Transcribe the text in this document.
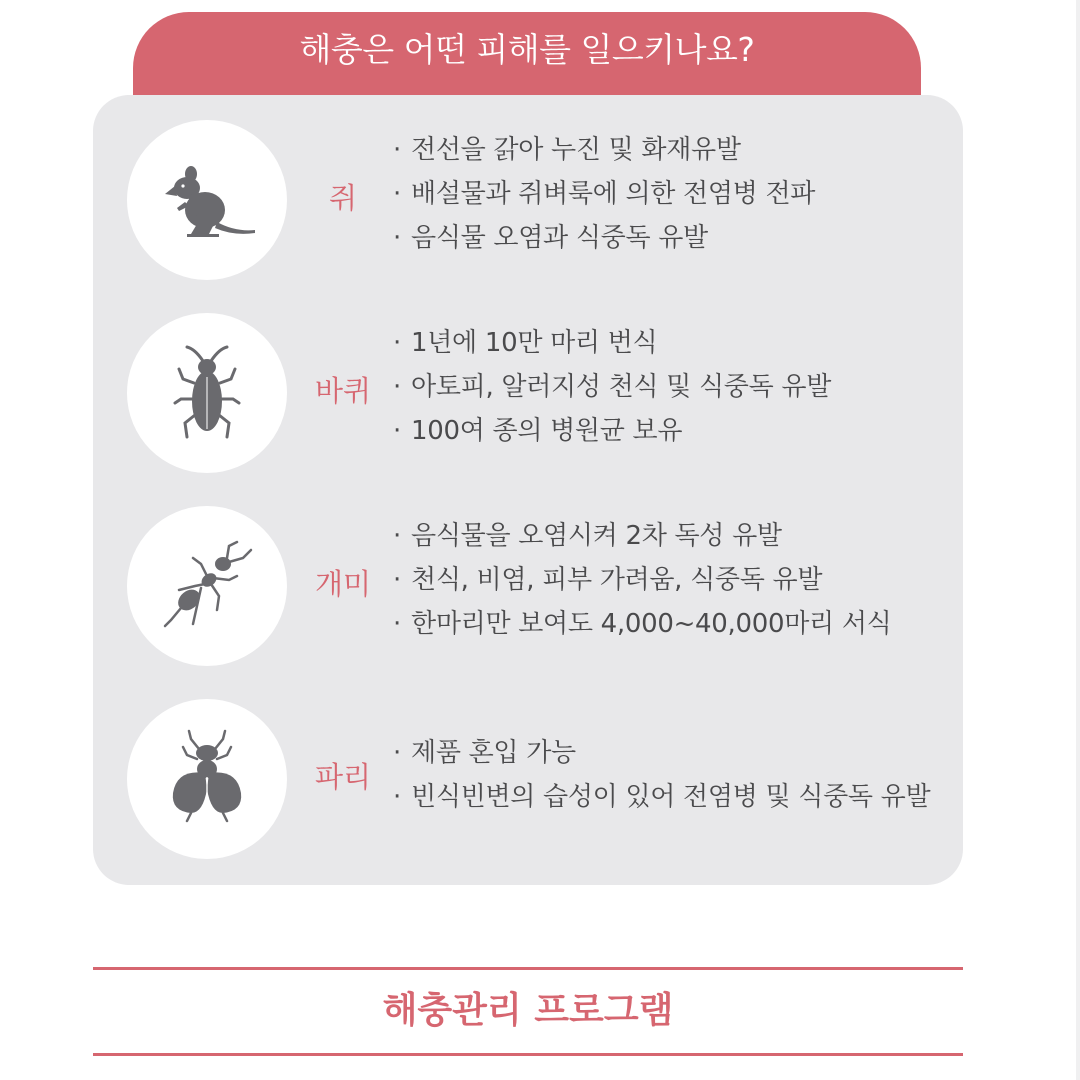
해충은 어떤 피해를 일으키나요?
쥐
· 전선을 갉아 누진 및 화재유발
· 배설물과 쥐벼룩에 의한 전염병 전파
· 음식물 오염과 식중독 유발
바퀴
· 1년에 10만 마리 번식
· 아토피, 알러지성 천식 및 식중독 유발
· 100여 종의 병원균 보유
개미
· 음식물을 오염시켜 2차 독성 유발
· 천식, 비염, 피부 가려움, 식중독 유발
· 한마리만 보여도 4,000~40,000마리 서식
파리
· 제품 혼입 가능
· 빈식빈변의 습성이 있어 전염병 및 식중독 유발
해충관리 프로그램
